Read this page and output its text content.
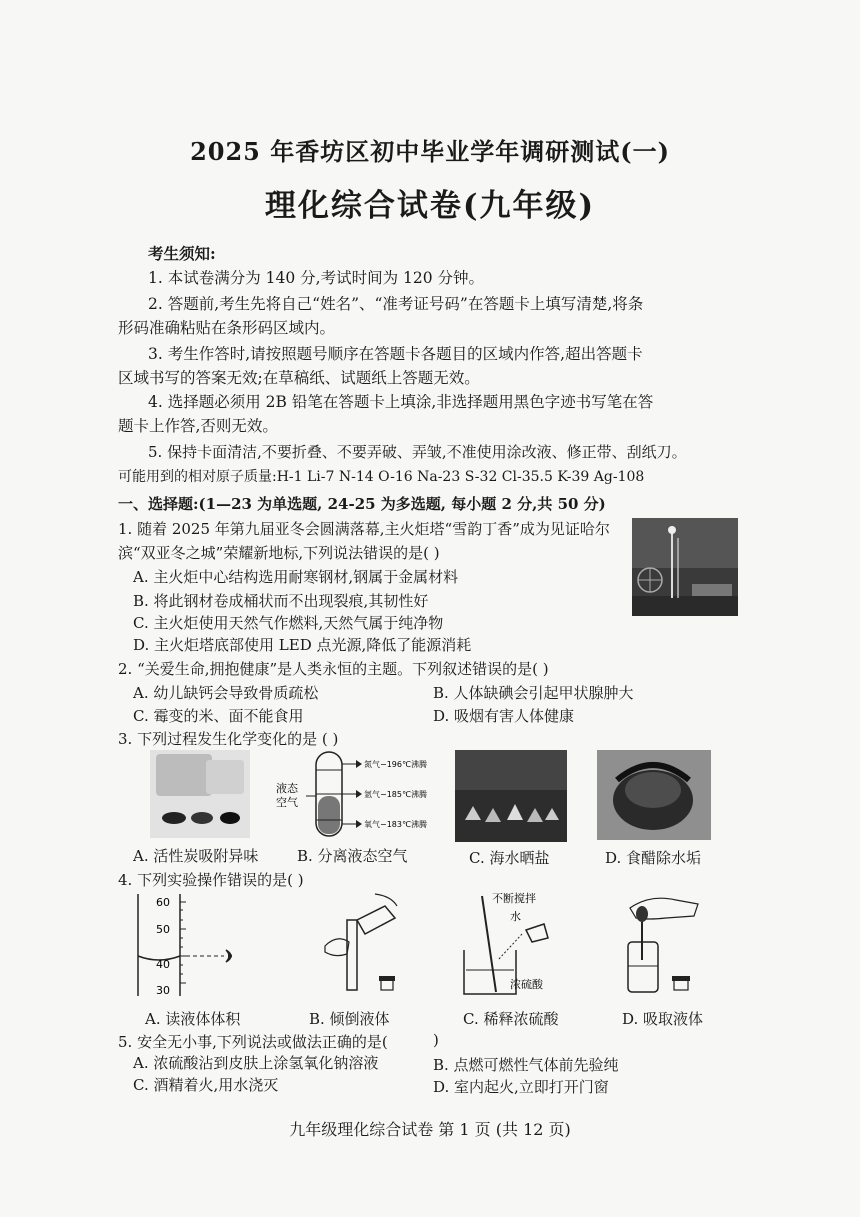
2025 年香坊区初中毕业学年调研测试(一)
理化综合试卷(九年级)
考生须知:
1. 本试卷满分为 140 分,考试时间为 120 分钟。
2. 答题前,考生先将自己“姓名”、“准考证号码”在答题卡上填写清楚,将条
形码准确粘贴在条形码区域内。
3. 考生作答时,请按照题号顺序在答题卡各题目的区域内作答,超出答题卡
区域书写的答案无效;在草稿纸、试题纸上答题无效。
4. 选择题必须用 2B 铅笔在答题卡上填涂,非选择题用黑色字迹书写笔在答
题卡上作答,否则无效。
5. 保持卡面清洁,不要折叠、不要弄破、弄皱,不准使用涂改液、修正带、刮纸刀。
可能用到的相对原子质量:H-1 Li-7 N-14 O-16 Na-23 S-32 Cl-35.5 K-39 Ag-108
一、选择题:(1—23 为单选题, 24-25 为多选题, 每小题 2 分,共 50 分)
1. 随着 2025 年第九届亚冬会圆满落幕,主火炬塔“雪韵丁香”成为见证哈尔
滨“双亚冬之城”荣耀新地标,下列说法错误的是( )
A. 主火炬中心结构选用耐寒钢材,钢属于金属材料
B. 将此钢材卷成桶状而不出现裂痕,其韧性好
C. 主火炬使用天然气作燃料,天然气属于纯净物
D. 主火炬塔底部使用 LED 点光源,降低了能源消耗
2. “关爱生命,拥抱健康”是人类永恒的主题。下列叙述错误的是( )
A. 幼儿缺钙会导致骨质疏松	B. 人体缺碘会引起甲状腺肿大
C. 霉变的米、面不能食用	D. 吸烟有害人体健康
3. 下列过程发生化学变化的是 ( )
液态
空气
氮气−196℃沸腾
氩气−185℃沸腾
氧气−183℃沸腾
A. 活性炭吸附异味	B. 分离液态空气	C. 海水晒盐	D. 食醋除水垢
4. 下列实验操作错误的是( )
60
50
40
30
不断搅拌
水
浓硫酸
A. 读液体体积	B. 倾倒液体	C. 稀释浓硫酸	D. 吸取液体
5. 安全无小事,下列说法或做法正确的是(	)
A. 浓硫酸沾到皮肤上涂氢氧化钠溶液	B. 点燃可燃性气体前先验纯
C. 酒精着火,用水浇灭	D. 室内起火,立即打开门窗
九年级理化综合试卷 第 1 页 (共 12 页)
